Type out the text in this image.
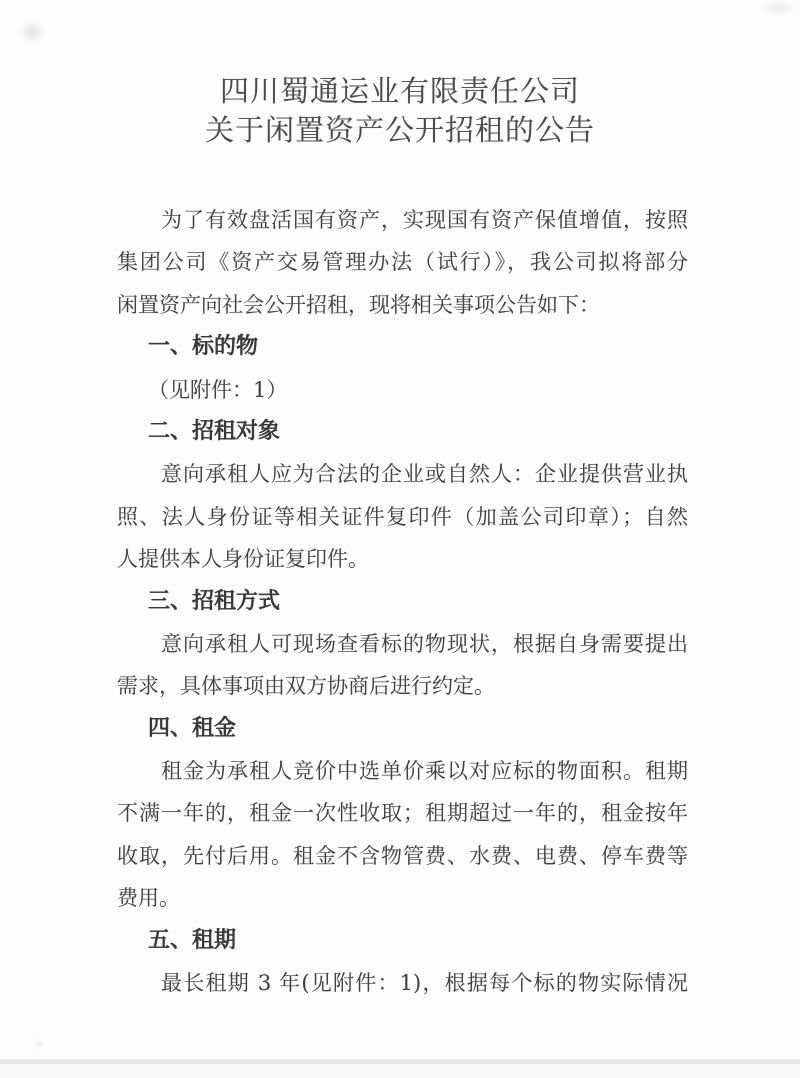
四川蜀通运业有限责任公司
关于闲置资产公开招租的公告
为了有效盘活国有资产，实现国有资产保值增值，按照
集团公司《资产交易管理办法（试行）》，我公司拟将部分
闲置资产向社会公开招租，现将相关事项公告如下：
一、标的物
（见附件：1）
二、招租对象
意向承租人应为合法的企业或自然人：企业提供营业执
照、法人身份证等相关证件复印件（加盖公司印章）；自然
人提供本人身份证复印件。
三、招租方式
意向承租人可现场查看标的物现状，根据自身需要提出
需求，具体事项由双方协商后进行约定。
四、租金
租金为承租人竞价中选单价乘以对应标的物面积。租期
不满一年的，租金一次性收取；租期超过一年的，租金按年
收取，先付后用。租金不含物管费、水费、电费、停车费等
费用。
五、租期
最长租期 3 年(见附件：1)，根据每个标的物实际情况
